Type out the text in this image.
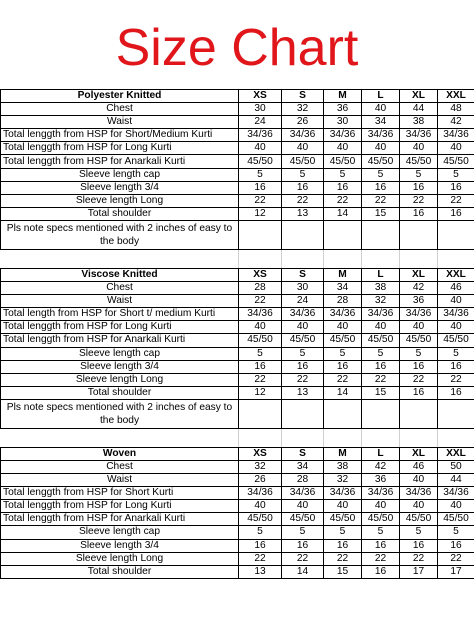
Size Chart
Polyester Knitted	XS	S	M	L	XL	XXL
Chest	30	32	36	40	44	48
Waist	24	26	30	34	38	42
Total lenggth from HSP for Short/Medium Kurti	34/36	34/36	34/36	34/36	34/36	34/36
Total lenggth from HSP for Long Kurti	40	40	40	40	40	40
Total lenggth from HSP for Anarkali Kurti	45/50	45/50	45/50	45/50	45/50	45/50
Sleeve length cap	5	5	5	5	5	5
Sleeve length 3/4	16	16	16	16	16	16
Sleeve length Long	22	22	22	22	22	22
Total shoulder	12	13	14	15	16	16
Pls note specs mentioned with 2 inches of easy to the body						

Viscose Knitted	XS	S	M	L	XL	XXL
Chest	28	30	34	38	42	46
Waist	22	24	28	32	36	40
Total length from HSP for Short t/ medium Kurti	34/36	34/36	34/36	34/36	34/36	34/36
Total lenggth from HSP for Long Kurti	40	40	40	40	40	40
Total lenggth from HSP for Anarkali Kurti	45/50	45/50	45/50	45/50	45/50	45/50
Sleeve length cap	5	5	5	5	5	5
Sleeve length 3/4	16	16	16	16	16	16
Sleeve length Long	22	22	22	22	22	22
Total shoulder	12	13	14	15	16	16
Pls note specs mentioned with 2 inches of easy to the body						

Woven	XS	S	M	L	XL	XXL
Chest	32	34	38	42	46	50
Waist	26	28	32	36	40	44
Total lenggth from HSP for Short Kurti	34/36	34/36	34/36	34/36	34/36	34/36
Total lenggth from HSP for Long Kurti	40	40	40	40	40	40
Total lenggth from HSP for Anarkali Kurti	45/50	45/50	45/50	45/50	45/50	45/50
Sleeve length cap	5	5	5	5	5	5
Sleeve length 3/4	16	16	16	16	16	16
Sleeve length Long	22	22	22	22	22	22
Total shoulder	13	14	15	16	17	17
